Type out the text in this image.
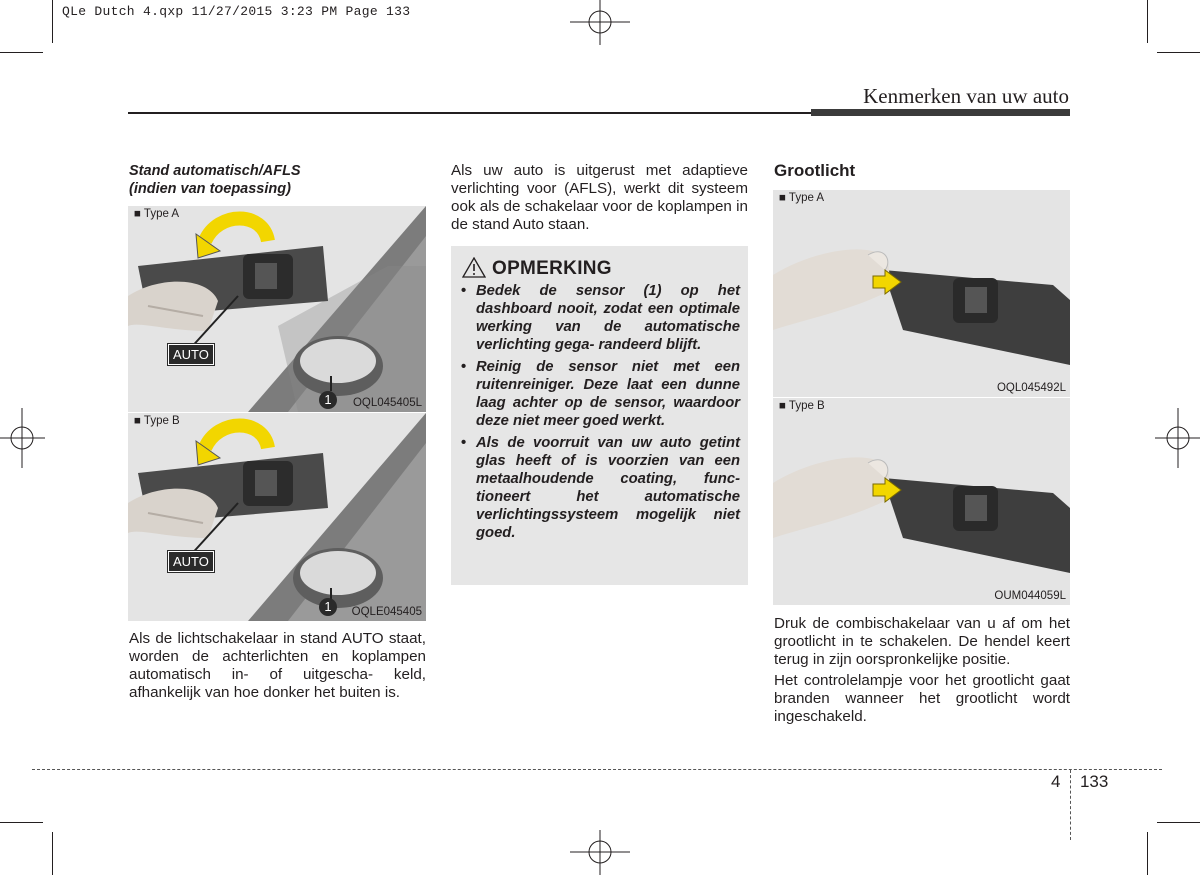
QLe Dutch 4.qxp 11/27/2015 3:23 PM Page 133
Kenmerken van uw auto
Stand automatisch/AFLS
(indien van toepassing)
■ Type A
AUTO
1	OQL045405L
■ Type B
AUTO
1	OQLE045405
Als de lichtschakelaar in stand AUTO staat, worden de achterlichten en koplampen automatisch in- of uitgescha- keld, afhankelijk van hoe donker het buiten is.
Als uw auto is uitgerust met adaptieve verlichting voor (AFLS), werkt dit systeem ook als de schakelaar voor de koplampen in de stand Auto staan.
OPMERKING
• Bedek de sensor (1) op het dashboard nooit, zodat een optimale werking van de automatische verlichting gega- randeerd blijft.
• Reinig de sensor niet met een ruitenreiniger. Deze laat een dunne laag achter op de sensor, waardoor deze niet meer goed werkt.
• Als de voorruit van uw auto getint glas heeft of is voorzien van een metaalhoudende coating, func- tioneert het automatische verlichtingssysteem mogelijk niet goed.
Grootlicht
■ Type A
OQL045492L
■ Type B
OUM044059L
Druk de combischakelaar van u af om het grootlicht in te schakelen. De hendel keert terug in zijn oorspronkelijke positie.
Het controlelampje voor het grootlicht gaat branden wanneer het grootlicht wordt ingeschakeld.
4 133
